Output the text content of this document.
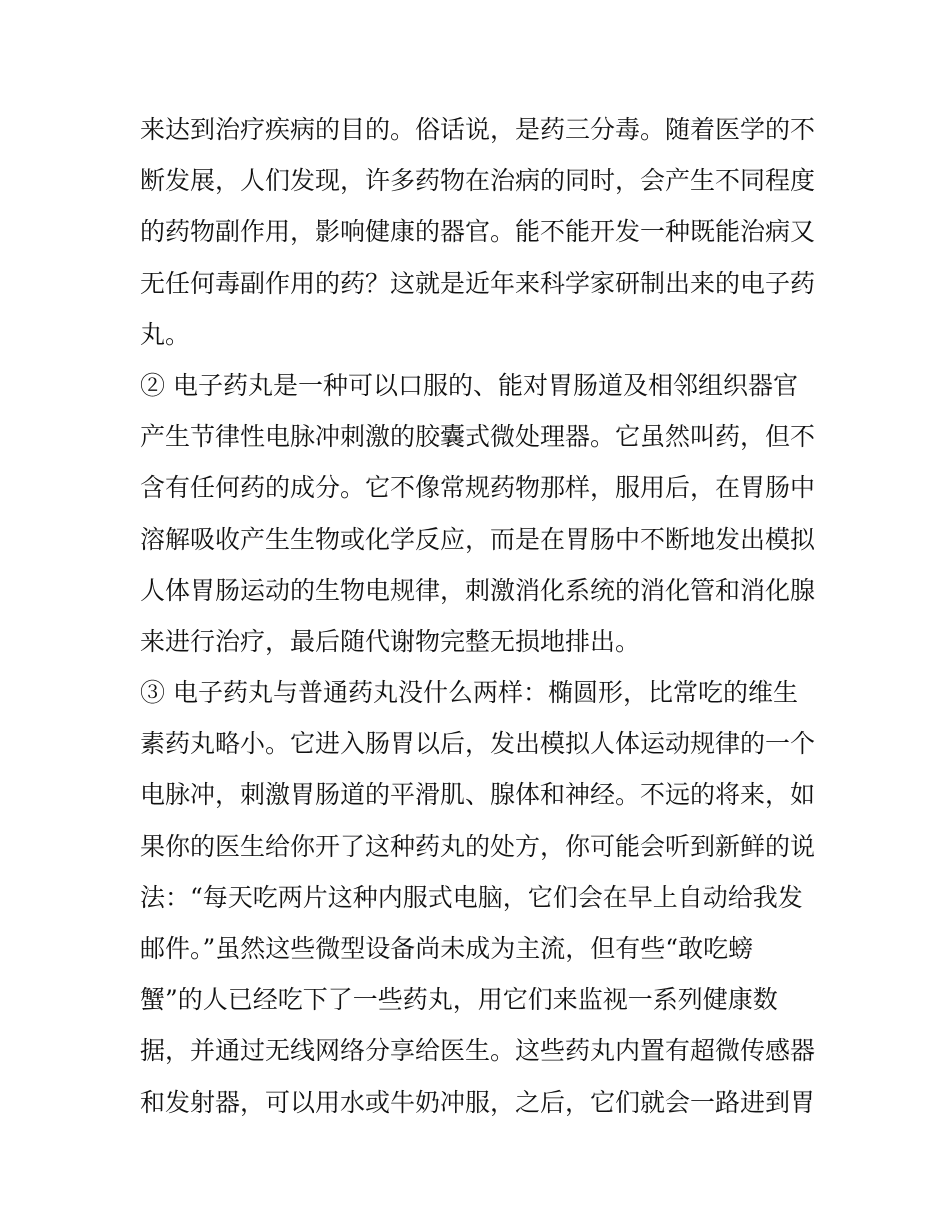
来达到治疗疾病的目的。俗话说，是药三分毒。随着医学的不
断发展，人们发现，许多药物在治病的同时，会产生不同程度
的药物副作用，影响健康的器官。能不能开发一种既能治病又
无任何毒副作用的药？这就是近年来科学家研制出来的电子药
丸。
② 电子药丸是一种可以口服的、能对胃肠道及相邻组织器官
产生节律性电脉冲刺激的胶囊式微处理器。它虽然叫药，但不
含有任何药的成分。它不像常规药物那样，服用后，在胃肠中
溶解吸收产生生物或化学反应，而是在胃肠中不断地发出模拟
人体胃肠运动的生物电规律，刺激消化系统的消化管和消化腺
来进行治疗，最后随代谢物完整无损地排出。
③ 电子药丸与普通药丸没什么两样：椭圆形，比常吃的维生
素药丸略小。它进入肠胃以后，发出模拟人体运动规律的一个
电脉冲，刺激胃肠道的平滑肌、腺体和神经。不远的将来，如
果你的医生给你开了这种药丸的处方，你可能会听到新鲜的说
法：“每天吃两片这种内服式电脑，它们会在早上自动给我发
邮件。”虽然这些微型设备尚未成为主流，但有些“敢吃螃
蟹”的人已经吃下了一些药丸，用它们来监视一系列健康数
据，并通过无线网络分享给医生。这些药丸内置有超微传感器
和发射器，可以用水或牛奶冲服，之后，它们就会一路进到胃
